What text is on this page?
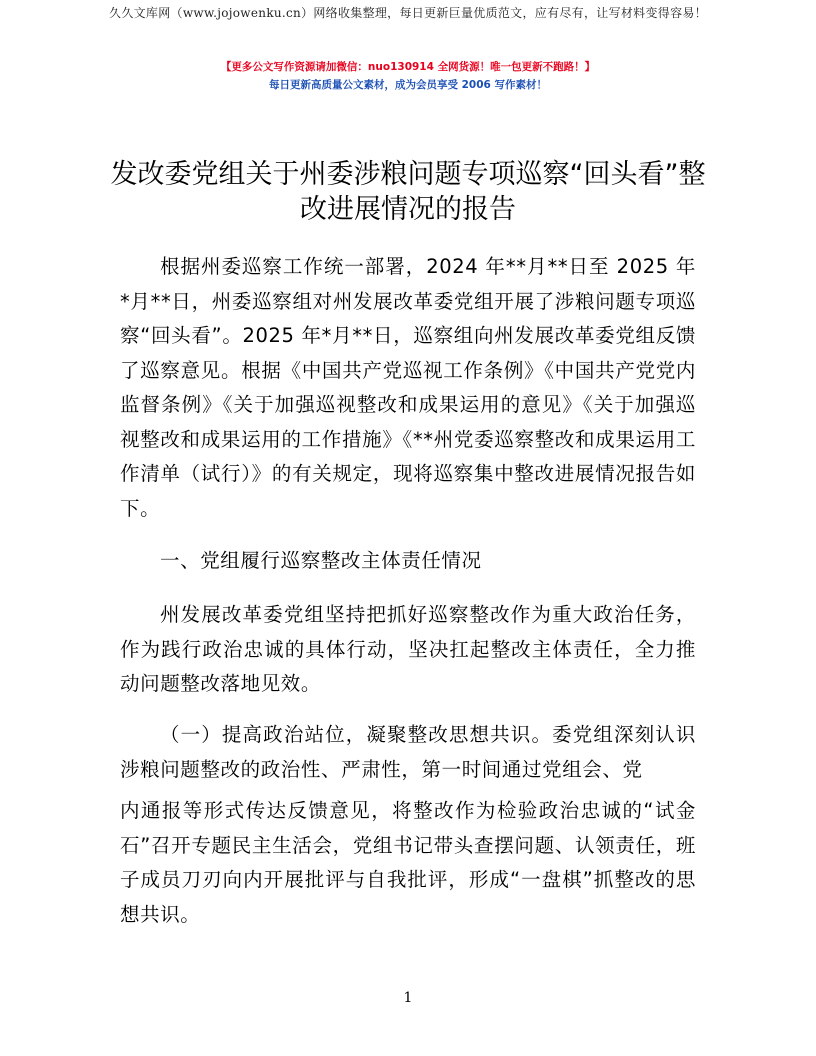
久久文库网（www.jojowenku.cn）网络收集整理，每日更新巨量优质范文，应有尽有，让写材料变得容易！
【更多公文写作资源请加微信：nuo130914 全网货源！唯一包更新不跑路！】
每日更新高质量公文素材，成为会员享受 2006 写作素材！
发改委党组关于州委涉粮问题专项巡察“回头看”整改进展情况的报告

根据州委巡察工作统一部署，2024 年**月**日至 2025 年*月**日，州委巡察组对州发展改革委党组开展了涉粮问题专项巡察“回头看”。2025 年*月**日，巡察组向州发展改革委党组反馈了巡察意见。根据《中国共产党巡视工作条例》《中国共产党党内监督条例》《关于加强巡视整改和成果运用的意见》《关于加强巡视整改和成果运用的工作措施》《**州党委巡察整改和成果运用工作清单（试行）》的有关规定，现将巡察集中整改进展情况报告如下。

一、党组履行巡察整改主体责任情况

州发展改革委党组坚持把抓好巡察整改作为重大政治任务，作为践行政治忠诚的具体行动，坚决扛起整改主体责任，全力推动问题整改落地见效。

（一）提高政治站位，凝聚整改思想共识。委党组深刻认识涉粮问题整改的政治性、严肃性，第一时间通过党组会、党

内通报等形式传达反馈意见，将整改作为检验政治忠诚的“试金石”召开专题民主生活会，党组书记带头查摆问题、认领责任，班子成员刀刃向内开展批评与自我批评，形成“一盘棋”抓整改的思想共识。

1
